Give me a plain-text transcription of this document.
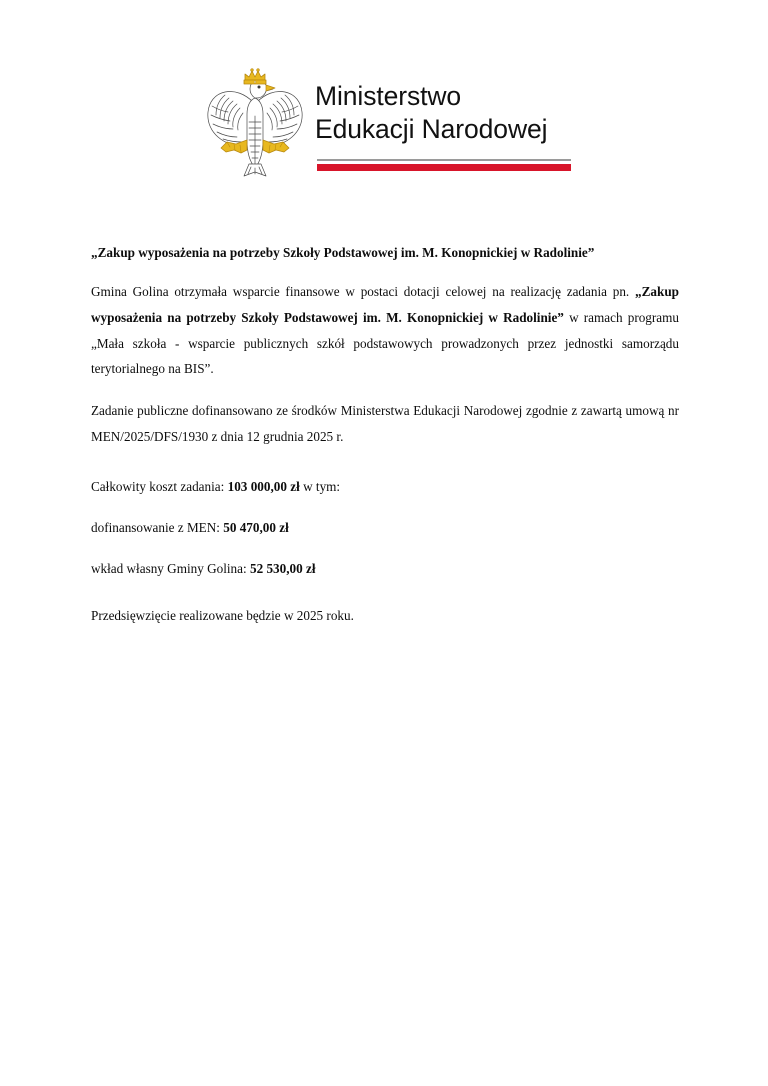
Ministerstwo
Edukacji Narodowej

„Zakup wyposażenia na potrzeby Szkoły Podstawowej im. M. Konopnickiej w Radolinie”

Gmina Golina otrzymała wsparcie finansowe w postaci dotacji celowej na realizację zadania pn. „Zakup wyposażenia na potrzeby Szkoły Podstawowej im. M. Konopnickiej w Radolinie” w ramach programu „Mała szkoła - wsparcie publicznych szkół podstawowych prowadzonych przez jednostki samorządu terytorialnego na BIS”.

Zadanie publiczne dofinansowano ze środków Ministerstwa Edukacji Narodowej zgodnie z zawartą umową nr MEN/2025/DFS/1930 z dnia 12 grudnia 2025 r.

Całkowity koszt zadania: 103 000,00 zł w tym:

dofinansowanie z MEN: 50 470,00 zł

wkład własny Gminy Golina: 52 530,00 zł

Przedsięwzięcie realizowane będzie w 2025 roku.
